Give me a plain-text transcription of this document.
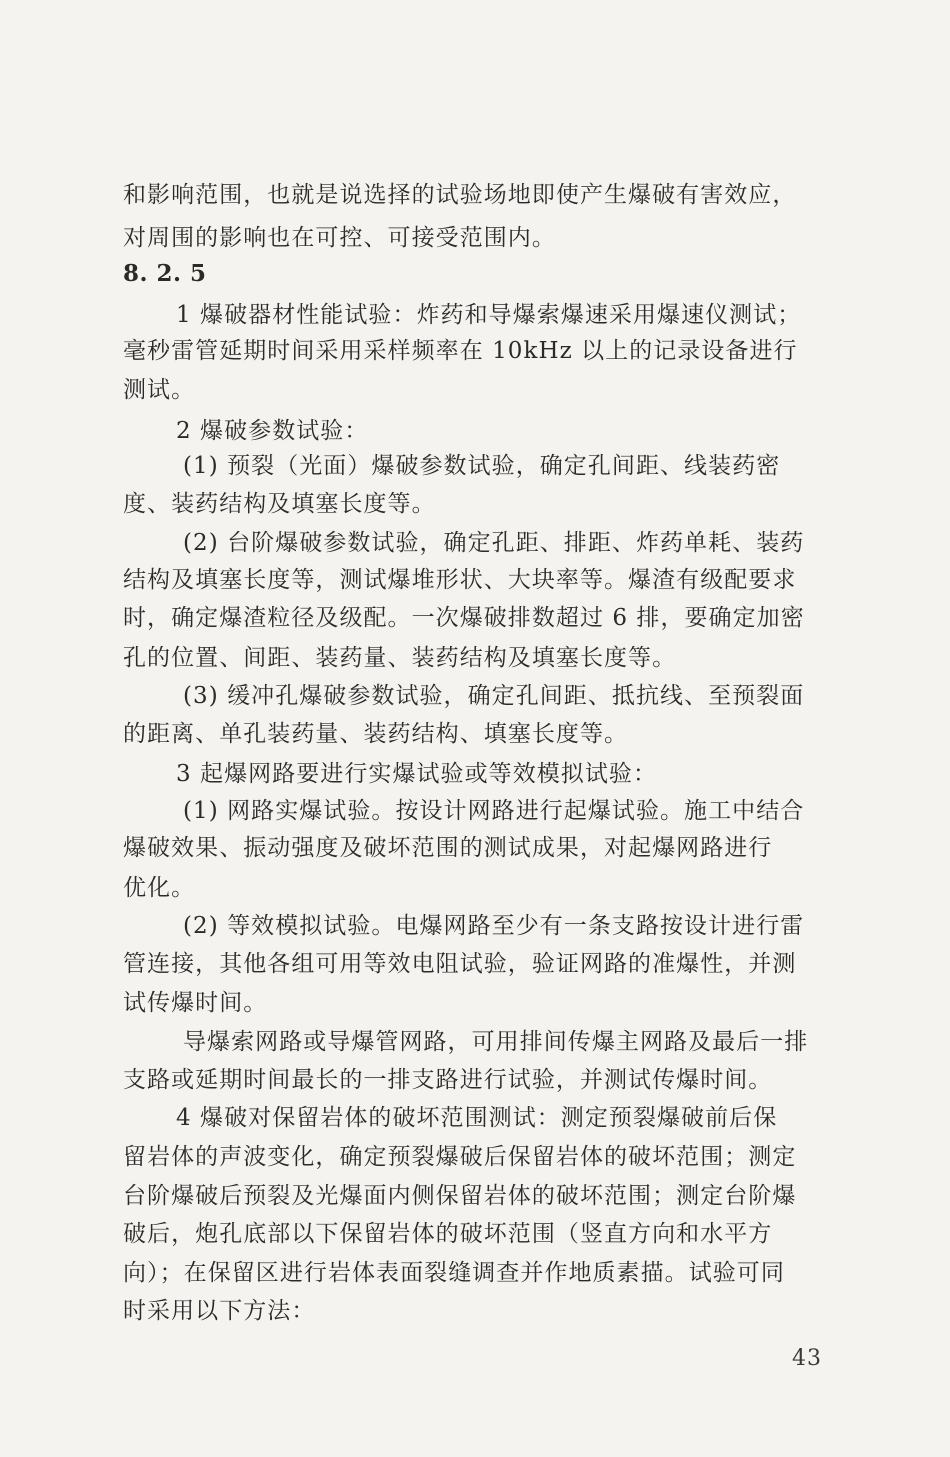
和影响范围，也就是说选择的试验场地即使产生爆破有害效应，
对周围的影响也在可控、可接受范围内。
8. 2. 5
1 爆破器材性能试验：炸药和导爆索爆速采用爆速仪测试；
毫秒雷管延期时间采用采样频率在 10kHz 以上的记录设备进行
测试。
2 爆破参数试验：
(1) 预裂（光面）爆破参数试验，确定孔间距、线装药密
度、装药结构及填塞长度等。
(2) 台阶爆破参数试验，确定孔距、排距、炸药单耗、装药
结构及填塞长度等，测试爆堆形状、大块率等。爆渣有级配要求
时，确定爆渣粒径及级配。一次爆破排数超过 6 排，要确定加密
孔的位置、间距、装药量、装药结构及填塞长度等。
(3) 缓冲孔爆破参数试验，确定孔间距、抵抗线、至预裂面
的距离、单孔装药量、装药结构、填塞长度等。
3 起爆网路要进行实爆试验或等效模拟试验：
(1) 网路实爆试验。按设计网路进行起爆试验。施工中结合
爆破效果、振动强度及破坏范围的测试成果，对起爆网路进行
优化。
(2) 等效模拟试验。电爆网路至少有一条支路按设计进行雷
管连接，其他各组可用等效电阻试验，验证网路的准爆性，并测
试传爆时间。
导爆索网路或导爆管网路，可用排间传爆主网路及最后一排
支路或延期时间最长的一排支路进行试验，并测试传爆时间。
4 爆破对保留岩体的破坏范围测试：测定预裂爆破前后保
留岩体的声波变化，确定预裂爆破后保留岩体的破坏范围；测定
台阶爆破后预裂及光爆面内侧保留岩体的破坏范围；测定台阶爆
破后，炮孔底部以下保留岩体的破坏范围（竖直方向和水平方
向）；在保留区进行岩体表面裂缝调查并作地质素描。试验可同
时采用以下方法：
43
